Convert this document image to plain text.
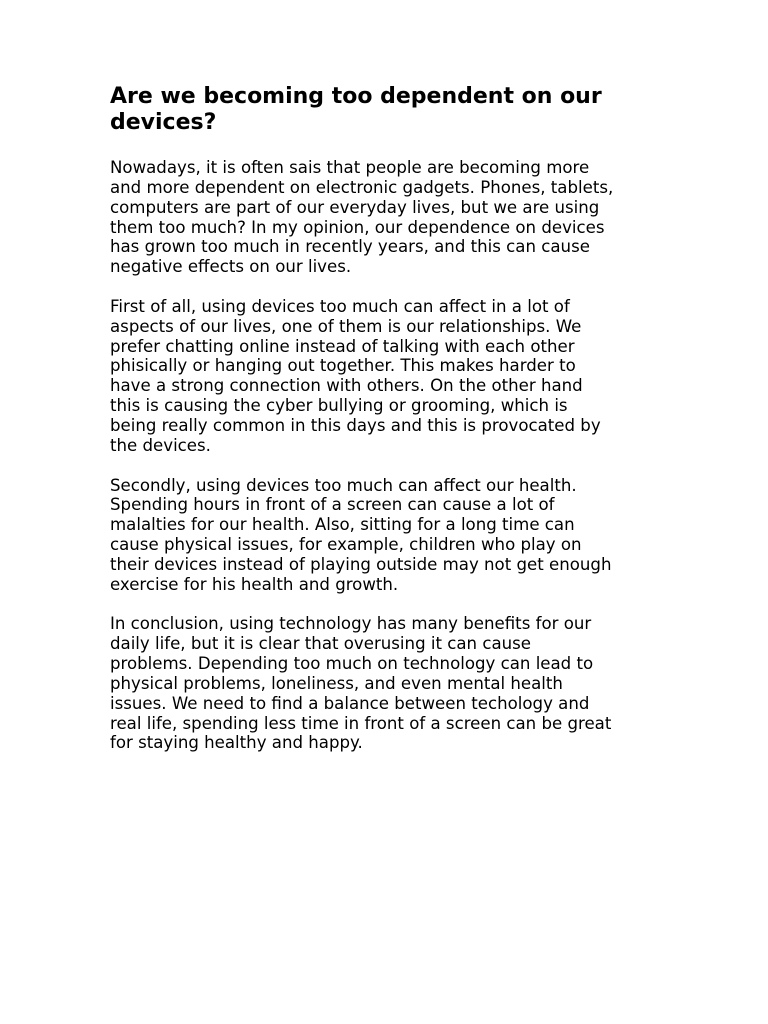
Are we becoming too dependent on our
devices?

Nowadays, it is often sais that people are becoming more
and more dependent on electronic gadgets. Phones, tablets,
computers are part of our everyday lives, but we are using
them too much? In my opinion, our dependence on devices
has grown too much in recently years, and this can cause
negative effects on our lives.

First of all, using devices too much can affect in a lot of
aspects of our lives, one of them is our relationships. We
prefer chatting online instead of talking with each other
phisically or hanging out together. This makes harder to
have a strong connection with others. On the other hand
this is causing the cyber bullying or grooming, which is
being really common in this days and this is provocated by
the devices.

Secondly, using devices too much can affect our health.
Spending hours in front of a screen can cause a lot of
malalties for our health. Also, sitting for a long time can
cause physical issues, for example, children who play on
their devices instead of playing outside may not get enough
exercise for his health and growth.

In conclusion, using technology has many benefits for our
daily life, but it is clear that overusing it can cause
problems. Depending too much on technology can lead to
physical problems, loneliness, and even mental health
issues. We need to find a balance between techology and
real life, spending less time in front of a screen can be great
for staying healthy and happy.
